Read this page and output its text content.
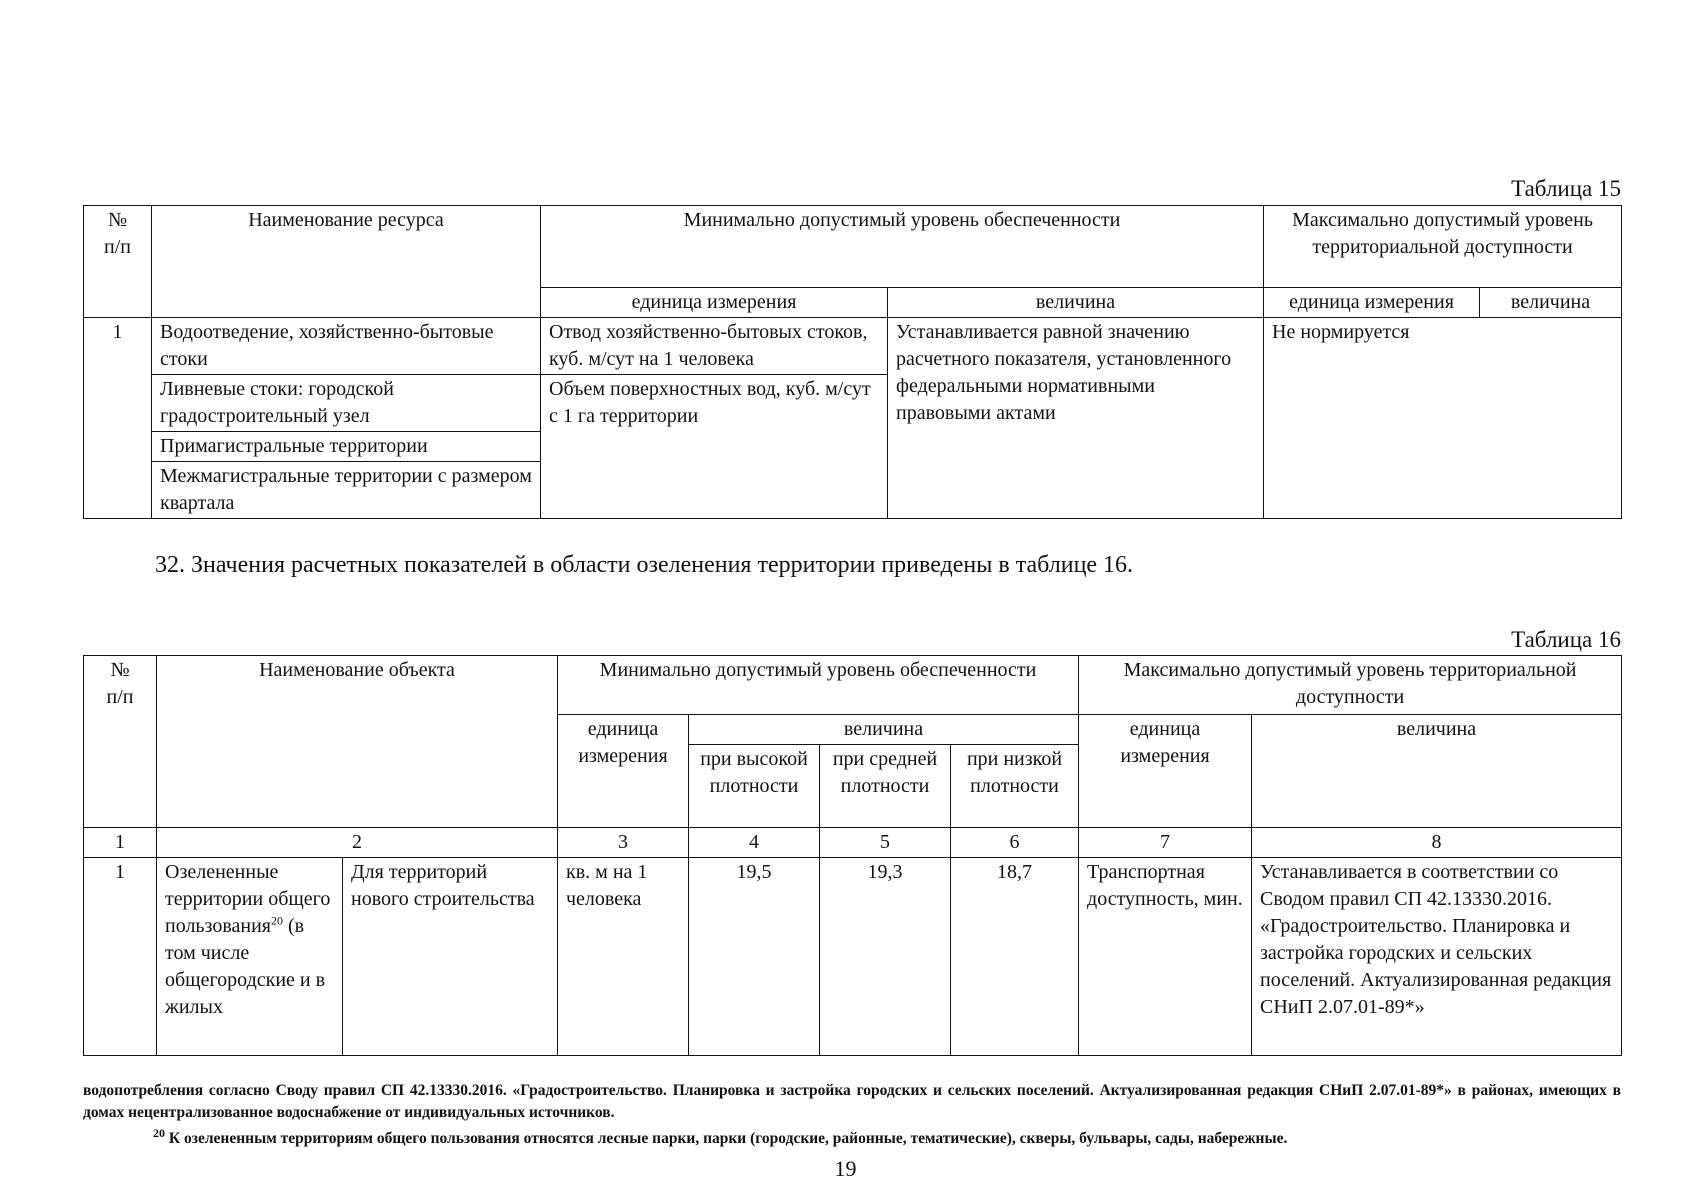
Таблица 15
№
п/п	Наименование ресурса	Минимально допустимый уровень обеспеченности		Максимально допустимый уровень территориальной доступности	
		единица измерения	величина	единица измерения	величина
1	Водоотведение, хозяйственно-бытовые стоки	Отвод хозяйственно-бытовых стоков, куб. м/сут на 1 человека	Устанавливается равной значению расчетного показателя, установленного федеральными нормативными правовыми актами	Не нормируется	
	Ливневые стоки: городской градостроительный узел	Объем поверхностных вод, куб. м/сут с 1 га территории			
	Примагистральные территории				
	Межмагистральные территории с размером квартала				
32. Значения расчетных показателей в области озеленения территории приведены в таблице 16.
Таблица 16
№
п/п	Наименование объекта		Минимально допустимый уровень обеспеченности				Максимально допустимый уровень территориальной доступности	
			единица измерения	величина			единица измерения	величина
				при высокой плотности	при средней плотности	при низкой плотности		
1	2		3	4	5	6	7	8
1	Озелененные территории общего пользования$^{20}$ (в том числе общегородские и в жилых	Для территорий нового строительства	кв. м на 1 человека	19,5	19,3	18,7	Транспортная доступность, мин.	Устанавливается в соответствии со Сводом правил СП 42.13330.2016. «Градостроительство. Планировка и застройка городских и сельских поселений. Актуализированная редакция СНиП 2.07.01-89*»
водопотребления согласно Своду правил СП 42.13330.2016. «Градостроительство. Планировка и застройка городских и сельских поселений. Актуализированная редакция СНиП 2.07.01-89*» в районах, имеющих в домах нецентрализованное водоснабжение от индивидуальных источников.
$^{20}$ К озелененным территориям общего пользования относятся лесные парки, парки (городские, районные, тематические), скверы, бульвары, сады, набережные.
19
